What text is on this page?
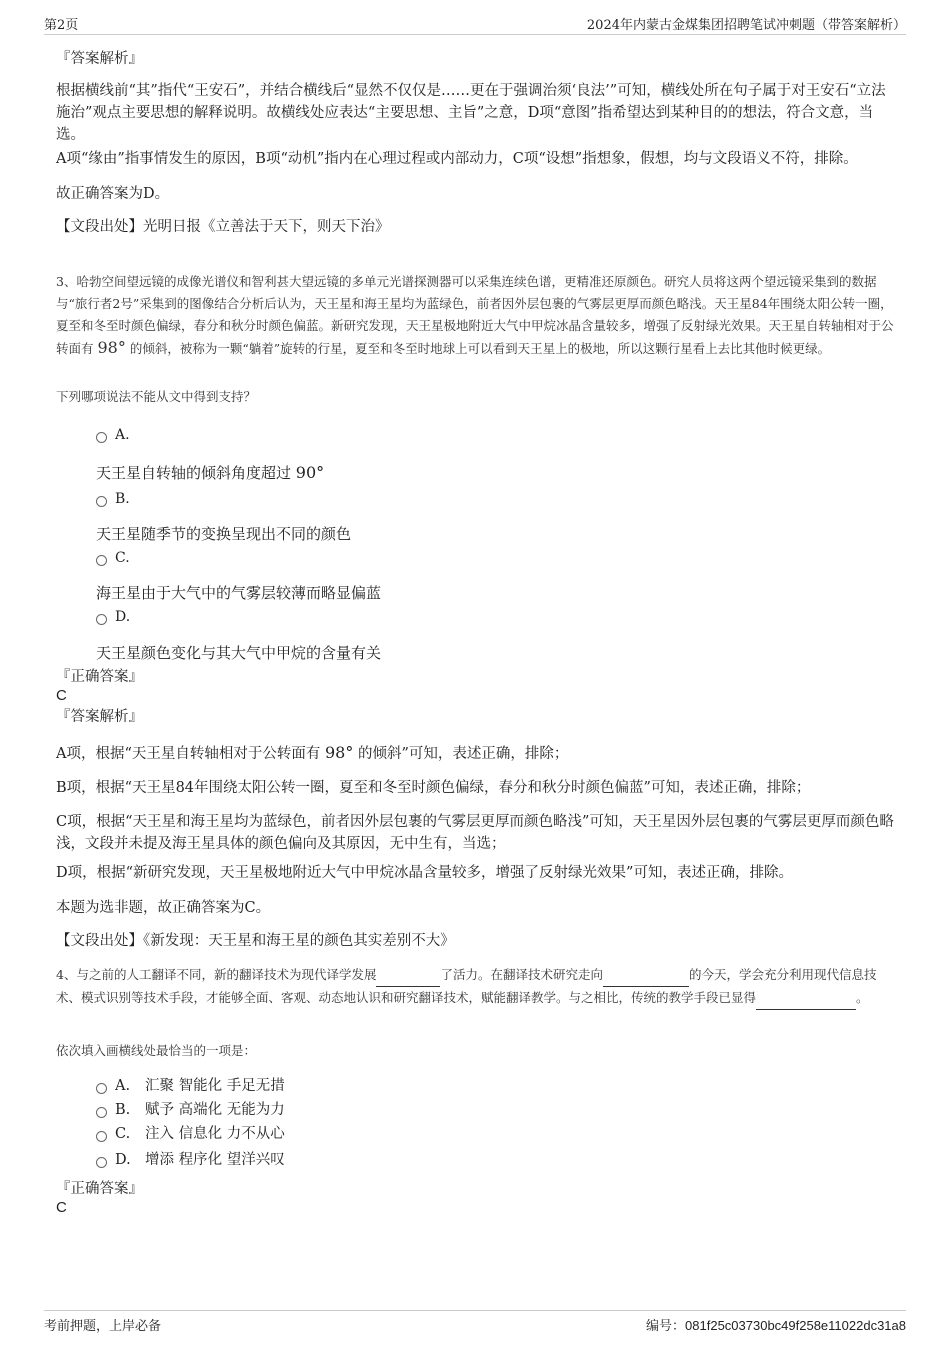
第2页	2024年内蒙古金煤集团招聘笔试冲刺题（带答案解析）
『答案解析』

根据横线前“其”指代“王安石”，并结合横线后“显然不仅仅是……更在于强调治须‘良法’”可知，横线处所在句子属于对王安石“立法施治”观点主要思想的解释说明。故横线处应表达“主要思想、主旨”之意，D项“意图”指希望达到某种目的的想法，符合文意，当选。

A项“缘由”指事情发生的原因，B项“动机”指内在心理过程或内部动力，C项“设想”指想象，假想，均与文段语义不符，排除。

故正确答案为D。

【文段出处】光明日报《立善法于天下，则天下治》

3、哈勃空间望远镜的成像光谱仪和智利甚大望远镜的多单元光谱探测器可以采集连续色谱，更精准还原颜色。研究人员将这两个望远镜采集到的数据与“旅行者2号”采集到的图像结合分析后认为，天王星和海王星均为蓝绿色，前者因外层包裹的气雾层更厚而颜色略浅。天王星84年围绕太阳公转一圈，夏至和冬至时颜色偏绿，春分和秋分时颜色偏蓝。新研究发现，天王星极地附近大气中甲烷冰晶含量较多，增强了反射绿光效果。天王星自转轴相对于公转面有 98° 的倾斜，被称为一颗“躺着”旋转的行星，夏至和冬至时地球上可以看到天王星上的极地，所以这颗行星看上去比其他时候更绿。

下列哪项说法不能从文中得到支持？

A.
天王星自转轴的倾斜角度超过 90°
B.
天王星随季节的变换呈现出不同的颜色
C.
海王星由于大气中的气雾层较薄而略显偏蓝
D.
天王星颜色变化与其大气中甲烷的含量有关
『正确答案』
C
『答案解析』

A项，根据“天王星自转轴相对于公转面有 98° 的倾斜”可知，表述正确，排除；

B项，根据“天王星84年围绕太阳公转一圈，夏至和冬至时颜色偏绿，春分和秋分时颜色偏蓝”可知，表述正确，排除；

C项，根据“天王星和海王星均为蓝绿色，前者因外层包裹的气雾层更厚而颜色略浅”可知，天王星因外层包裹的气雾层更厚而颜色略浅，文段并未提及海王星具体的颜色偏向及其原因，无中生有，当选；

D项，根据“新研究发现，天王星极地附近大气中甲烷冰晶含量较多，增强了反射绿光效果”可知，表述正确，排除。

本题为选非题，故正确答案为C。

【文段出处】《新发现：天王星和海王星的颜色其实差别不大》

4、与之前的人工翻译不同，新的翻译技术为现代译学发展	了活力。在翻译技术研究走向	的今天，学会充分利用现代信息技术、模式识别等技术手段，才能够全面、客观、动态地认识和研究翻译技术，赋能翻译教学。与之相比，传统的教学手段已显得	。

依次填入画横线处最恰当的一项是：

A.	汇聚 智能化 手足无措
B.	赋予 高端化 无能为力
C.	注入 信息化 力不从心
D. 增添 程序化 望洋兴叹
『正确答案』
C
考前押题，上岸必备	编号：081f25c03730bc49f258e11022dc31a8
